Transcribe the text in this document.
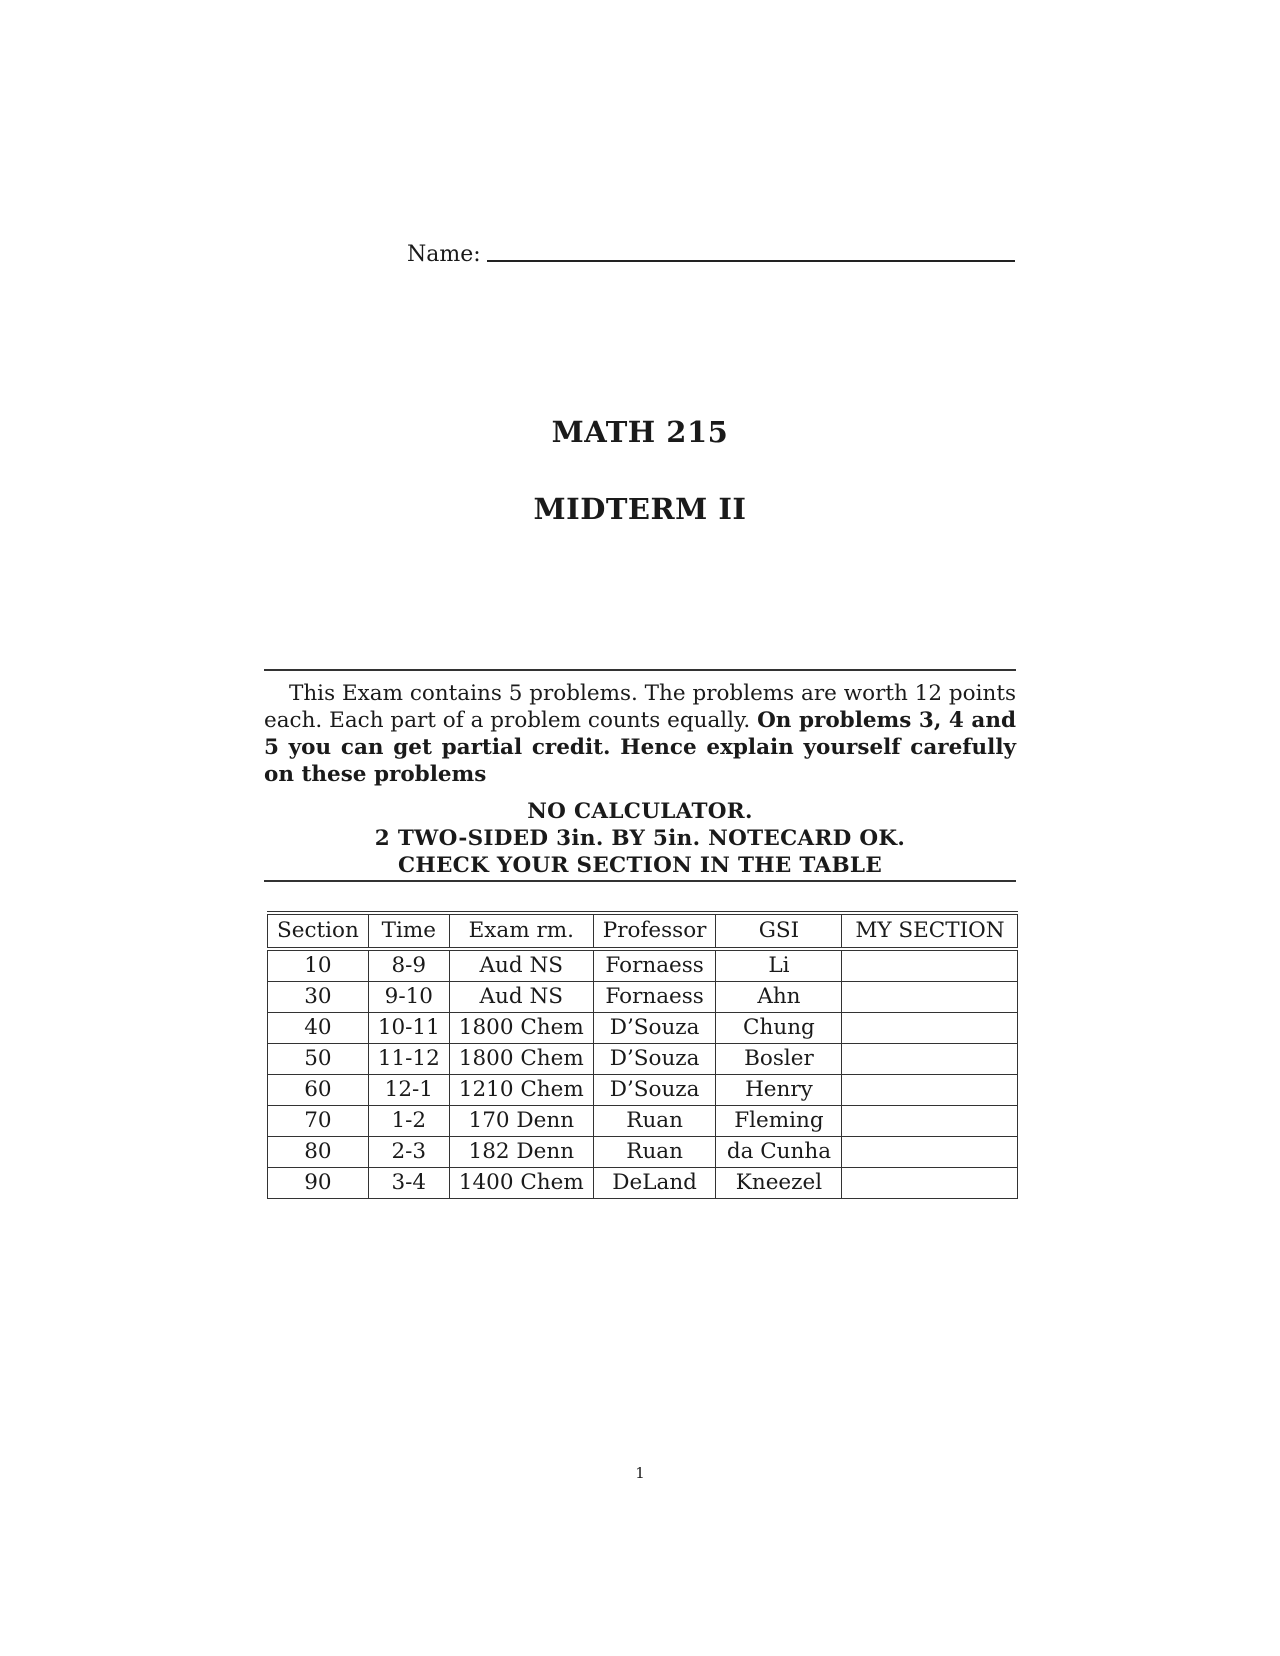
Name:
MATH 215
MIDTERM II

This Exam contains 5 problems. The problems are worth 12 points each. Each part of a problem counts equally. On problems 3, 4 and 5 you can get partial credit. Hence explain yourself carefully on these problems

NO CALCULATOR.
2 TWO-SIDED 3in. BY 5in. NOTECARD OK.
CHECK YOUR SECTION IN THE TABLE
Section	Time	Exam rm.	Professor	GSI	MY SECTION
10	8-9	Aud NS	Fornaess	Li	
30	9-10	Aud NS	Fornaess	Ahn	
40	10-11	1800 Chem	D’Souza	Chung	
50	11-12	1800 Chem	D’Souza	Bosler	
60	12-1	1210 Chem	D’Souza	Henry	
70	1-2	170 Denn	Ruan	Fleming	
80	2-3	182 Denn	Ruan	da Cunha	
90	3-4	1400 Chem	DeLand	Kneezel	
1
